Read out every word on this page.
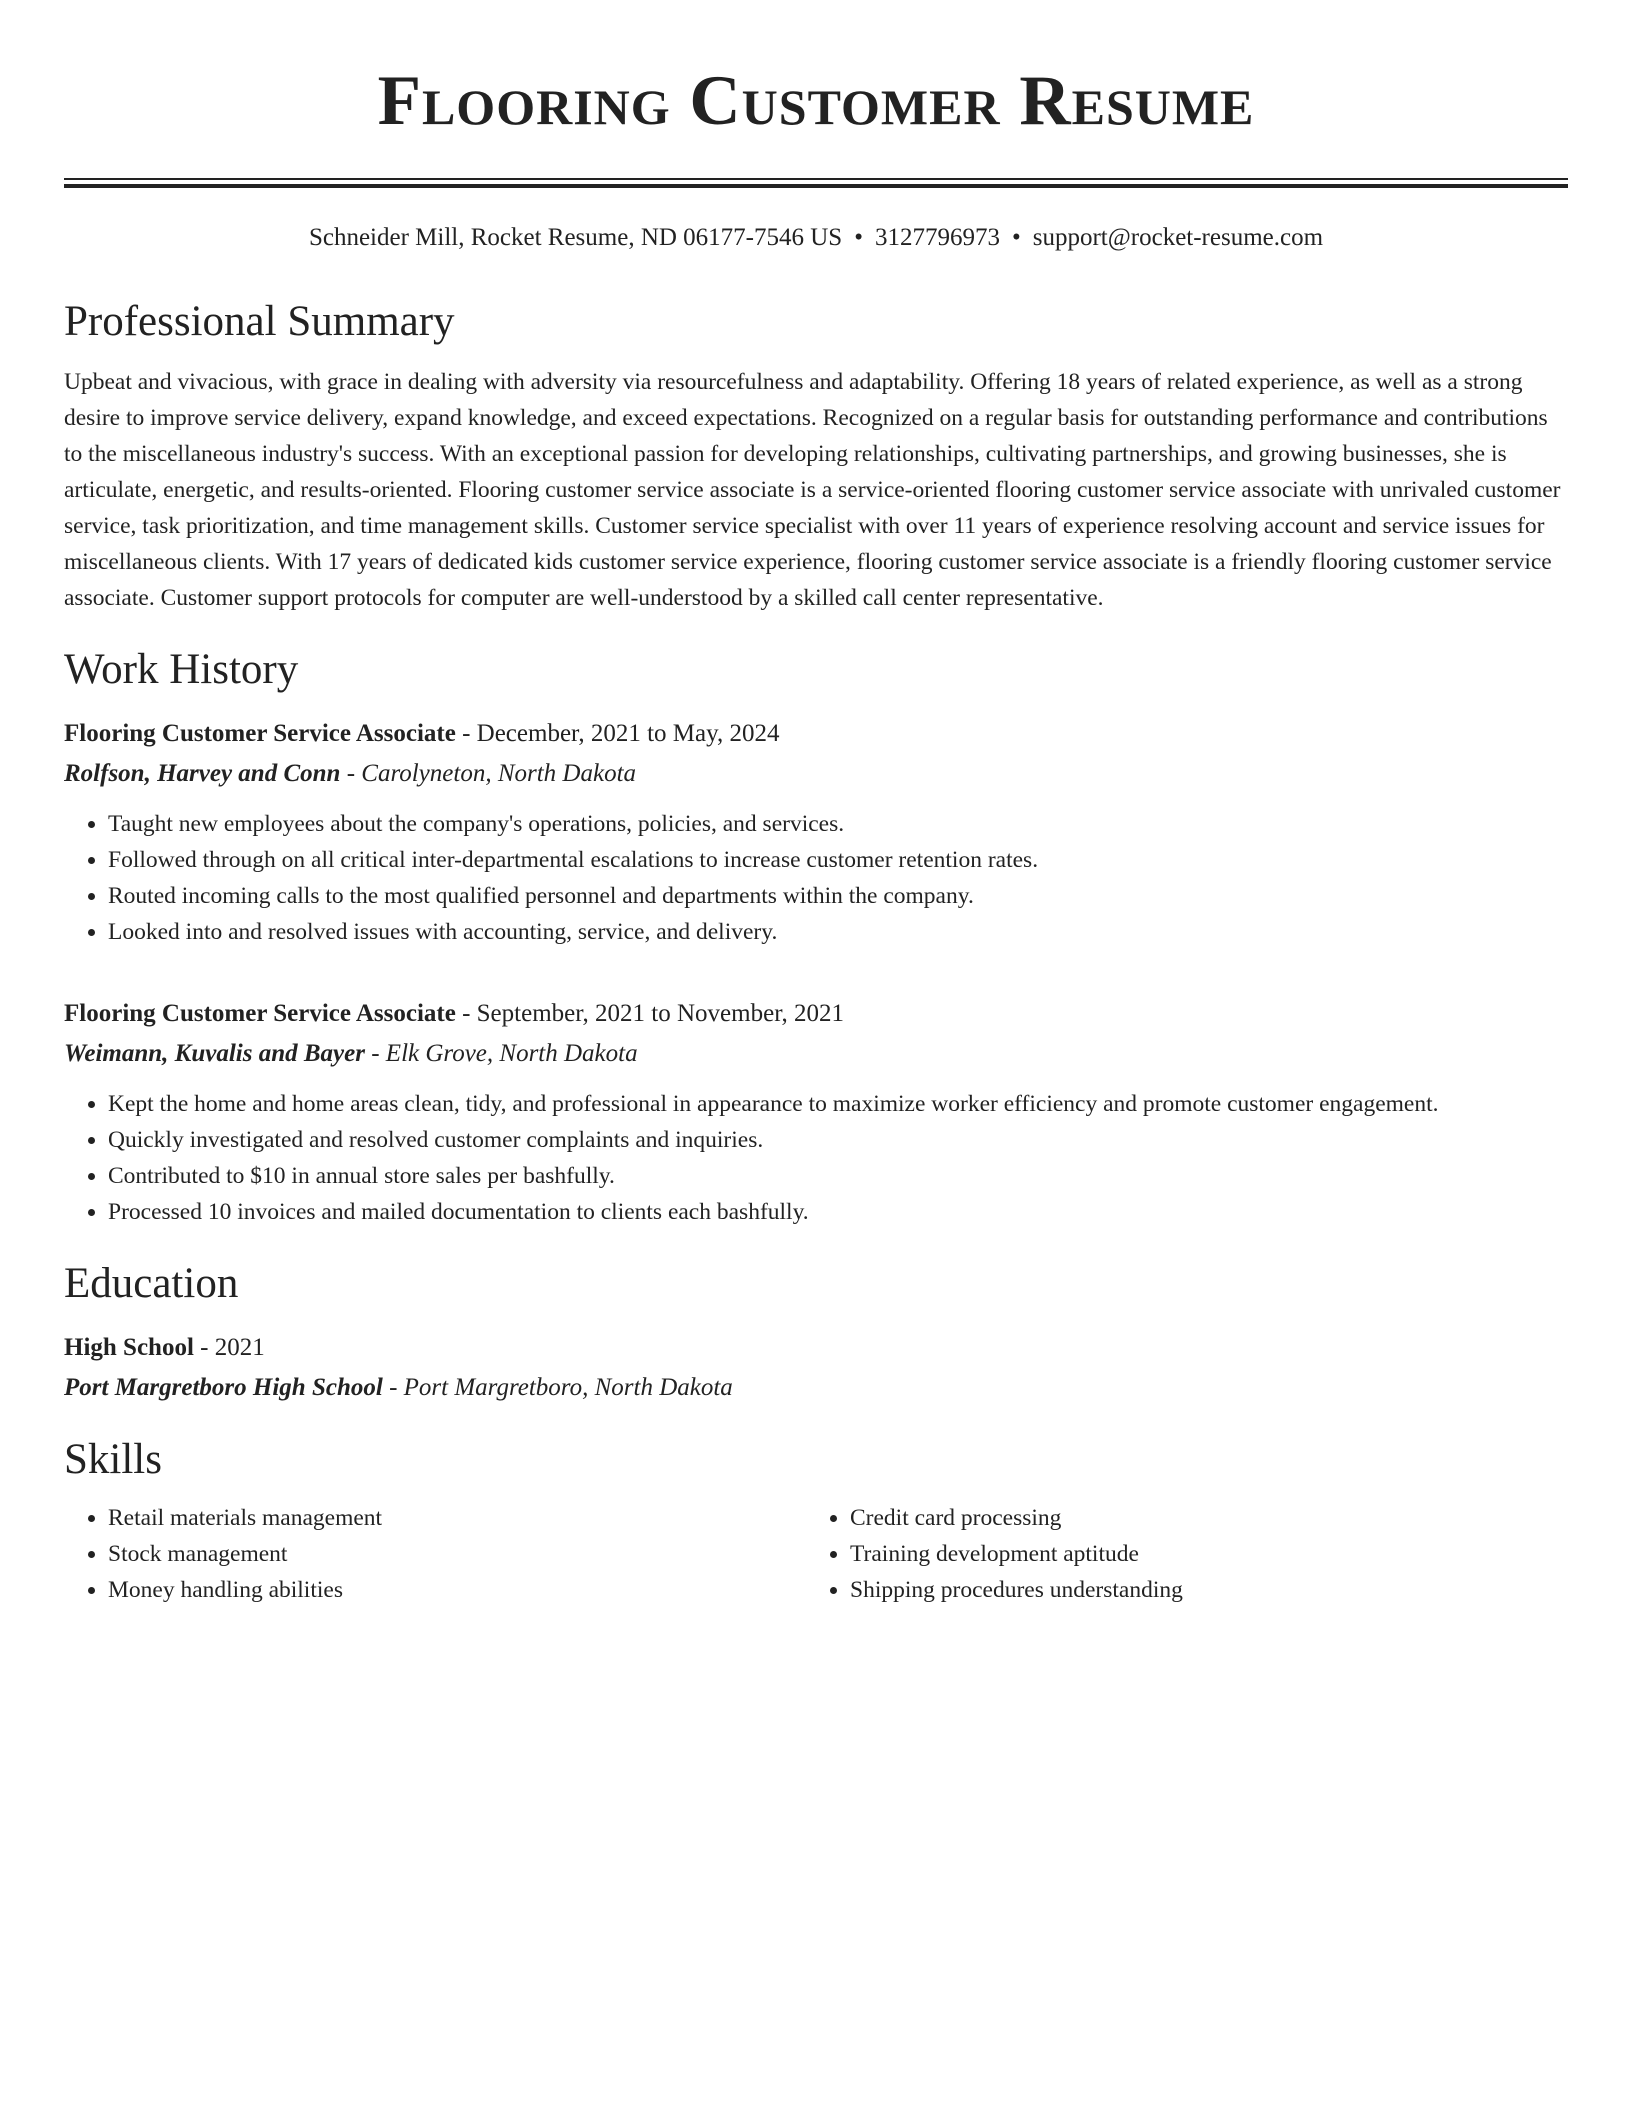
Flooring Customer Resume
Schneider Mill, Rocket Resume, ND 06177-7546 US • 3127796973 • support@rocket-resume.com
Professional Summary

Upbeat and vivacious, with grace in dealing with adversity via resourcefulness and adaptability. Offering 18 years of related experience, as well as a strong desire to improve service delivery, expand knowledge, and exceed expectations. Recognized on a regular basis for outstanding performance and contributions to the miscellaneous industry's success. With an exceptional passion for developing relationships, cultivating partnerships, and growing businesses, she is articulate, energetic, and results-oriented. Flooring customer service associate is a service-oriented flooring customer service associate with unrivaled customer service, task prioritization, and time management skills. Customer service specialist with over 11 years of experience resolving account and service issues for miscellaneous clients. With 17 years of dedicated kids customer service experience, flooring customer service associate is a friendly flooring customer service associate. Customer support protocols for computer are well-understood by a skilled call center representative.

Work History
Flooring Customer Service Associate - December, 2021 to May, 2024
Rolfson, Harvey and Conn - Carolyneton, North Dakota
• Taught new employees about the company's operations, policies, and services.
• Followed through on all critical inter-departmental escalations to increase customer retention rates.
• Routed incoming calls to the most qualified personnel and departments within the company.
• Looked into and resolved issues with accounting, service, and delivery.
Flooring Customer Service Associate - September, 2021 to November, 2021
Weimann, Kuvalis and Bayer - Elk Grove, North Dakota
• Kept the home and home areas clean, tidy, and professional in appearance to maximize worker efficiency and promote customer engagement.
• Quickly investigated and resolved customer complaints and inquiries.
• Contributed to $10 in annual store sales per bashfully.
• Processed 10 invoices and mailed documentation to clients each bashfully.
Education
High School - 2021
Port Margretboro High School - Port Margretboro, North Dakota
Skills
• Retail materials management
• Stock management
• Money handling abilities
• Credit card processing
• Training development aptitude
• Shipping procedures understanding
